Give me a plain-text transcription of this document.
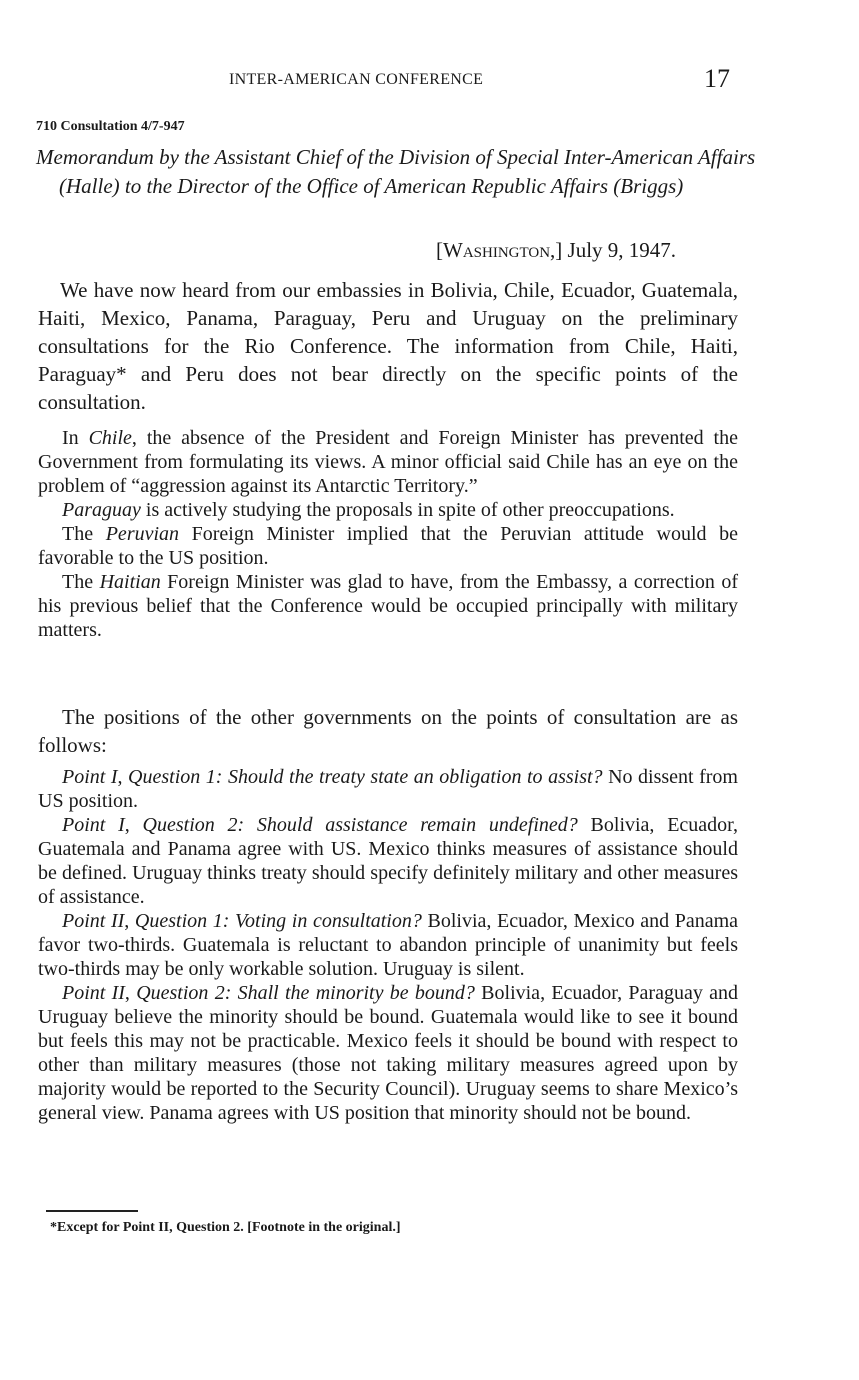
INTER-AMERICAN CONFERENCE	17
710 Consultation 4/7-947

Memorandum by the Assistant Chief of the Division of Special Inter-American Affairs (Halle) to the Director of the Office of American Republic Affairs (Briggs)

[Washington,] July 9, 1947.

We have now heard from our embassies in Bolivia, Chile, Ecuador, Guatemala, Haiti, Mexico, Panama, Paraguay, Peru and Uruguay on the preliminary consultations for the Rio Conference. The information from Chile, Haiti, Paraguay* and Peru does not bear directly on the specific points of the consultation.

In Chile, the absence of the President and Foreign Minister has prevented the Government from formulating its views. A minor official said Chile has an eye on the problem of “aggression against its Antarctic Territory.”

Paraguay is actively studying the proposals in spite of other preoccupations.

The Peruvian Foreign Minister implied that the Peruvian attitude would be favorable to the US position.

The Haitian Foreign Minister was glad to have, from the Embassy, a correction of his previous belief that the Conference would be occupied principally with military matters.

The positions of the other governments on the points of consultation are as follows:

Point I, Question 1: Should the treaty state an obligation to assist? No dissent from US position.

Point I, Question 2: Should assistance remain undefined? Bolivia, Ecuador, Guatemala and Panama agree with US. Mexico thinks measures of assistance should be defined. Uruguay thinks treaty should specify definitely military and other measures of assistance.

Point II, Question 1: Voting in consultation? Bolivia, Ecuador, Mexico and Panama favor two-thirds. Guatemala is reluctant to abandon principle of unanimity but feels two-thirds may be only workable solution. Uruguay is silent.

Point II, Question 2: Shall the minority be bound? Bolivia, Ecuador, Paraguay and Uruguay believe the minority should be bound. Guatemala would like to see it bound but feels this may not be practicable. Mexico feels it should be bound with respect to other than military measures (those not taking military measures agreed upon by majority would be reported to the Security Council). Uruguay seems to share Mexico’s general view. Panama agrees with US position that minority should not be bound.

*Except for Point II, Question 2. [Footnote in the original.]
